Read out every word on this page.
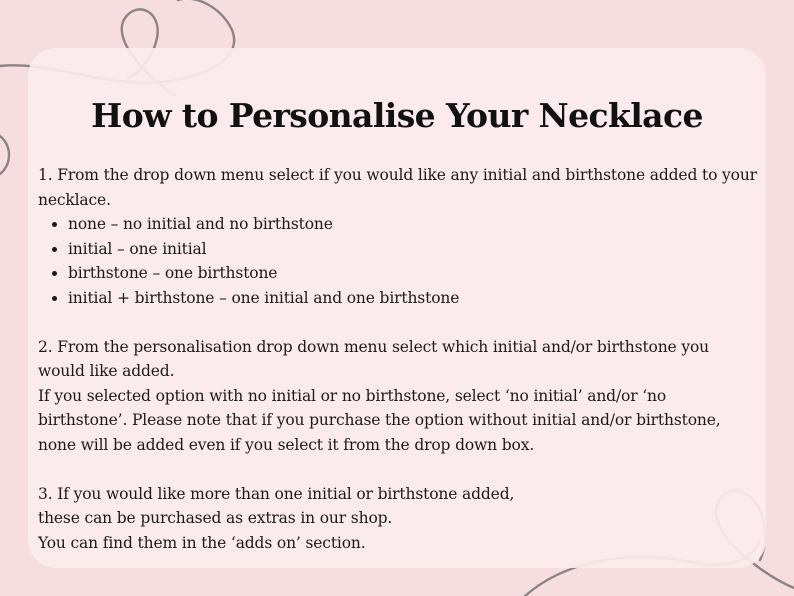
How to Personalise Your Necklace

1. From the drop down menu select if you would like any initial and birthstone added to your necklace.

• none – no initial and no birthstone
• initial – one initial
• birthstone – one birthstone
• initial + birthstone – one initial and one birthstone

2. From the personalisation drop down menu select which initial and/or birthstone you would like added.

If you selected option with no initial or no birthstone, select ‘no initial’ and/or ‘no birthstone’. Please note that if you purchase the option without initial and/or birthstone, none will be added even if you select it from the drop down box.

3. If you would like more than one initial or birthstone added,

these can be purchased as extras in our shop.

You can find them in the ‘adds on’ section.
